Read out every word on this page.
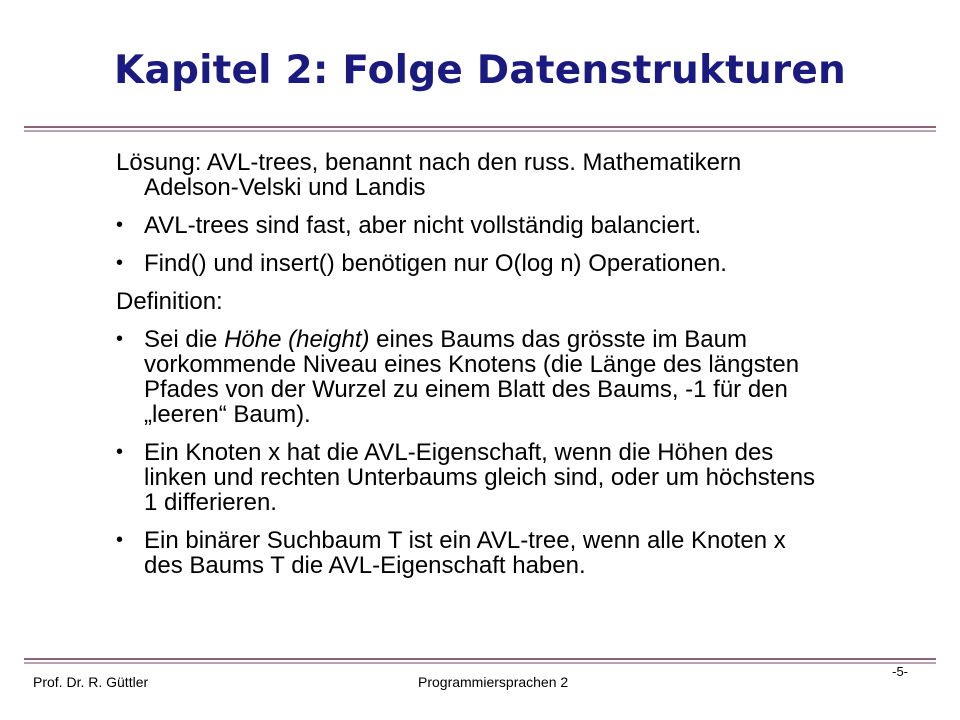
Kapitel 2: Folge Datenstrukturen

Lösung: AVL-trees, benannt nach den russ. Mathematikern
Adelson-Velski und Landis

• AVL-trees sind fast, aber nicht vollständig balanciert.

• Find() und insert() benötigen nur O(log n) Operationen.

Definition:

• Sei die Höhe (height) eines Baums das grösste im Baum
vorkommende Niveau eines Knotens (die Länge des längsten
Pfades von der Wurzel zu einem Blatt des Baums, -1 für den
„leeren“ Baum).

• Ein Knoten x hat die AVL-Eigenschaft, wenn die Höhen des
linken und rechten Unterbaums gleich sind, oder um höchstens
1 differieren.

• Ein binärer Suchbaum T ist ein AVL-tree, wenn alle Knoten x
des Baums T die AVL-Eigenschaft haben.

Prof. Dr. R. Güttler	Programmiersprachen 2
-5-
